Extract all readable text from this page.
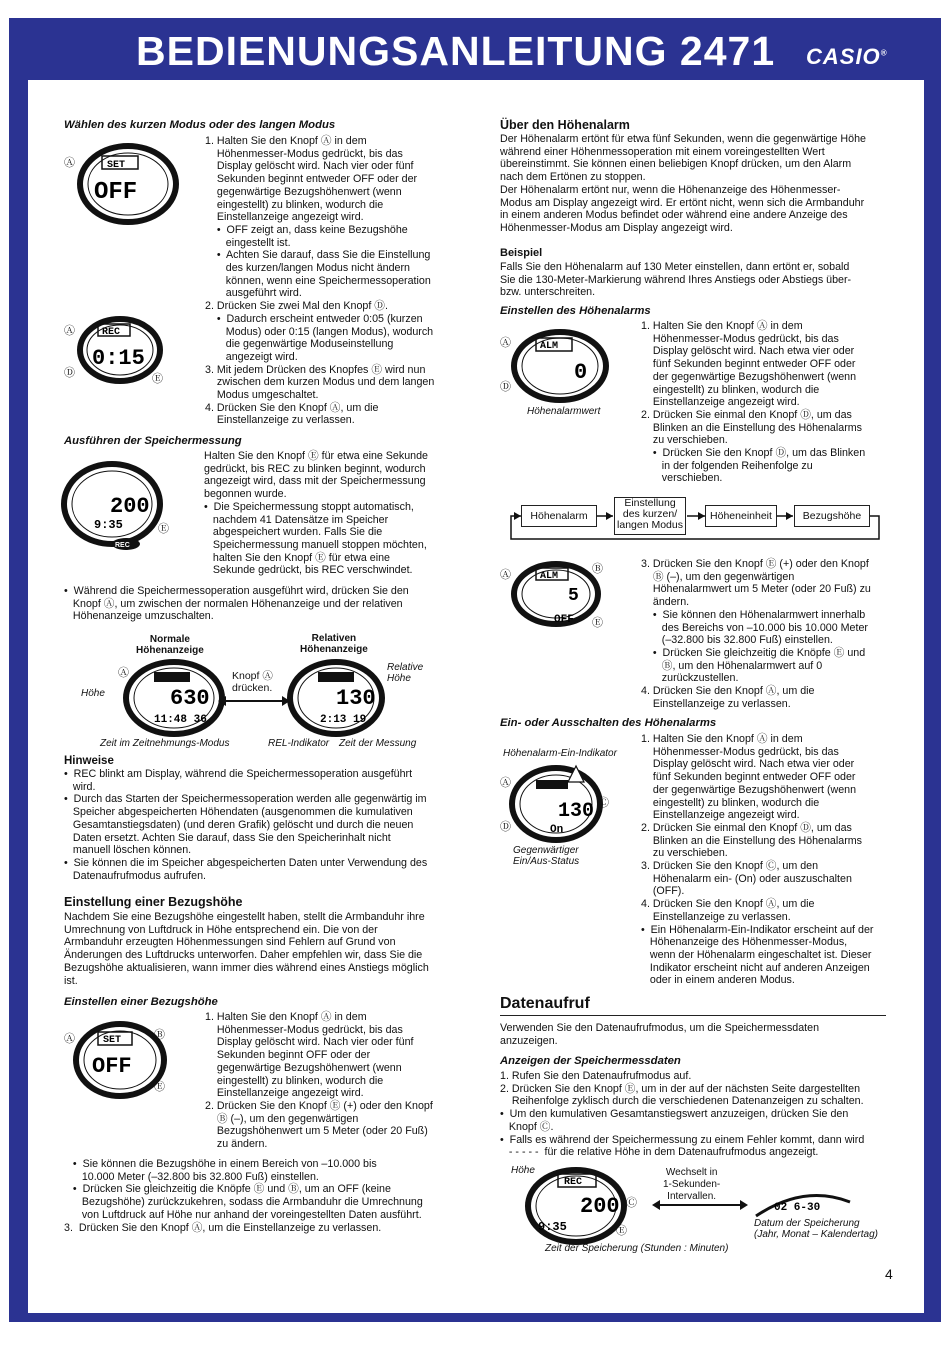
BEDIENUNGSANLEITUNG 2471 CASIO®
Wählen des kurzen Modus oder des langen Modus
1. Halten Sie den Knopf Ⓐ in dem
Höhenmesser-Modus gedrückt, bis das
Display gelöscht wird. Nach vier oder fünf
Sekunden beginnt entweder OFF oder der
gegenwärtige Bezugshöhenwert (wenn
eingestellt) zu blinken, wodurch die
Einstellanzeige angezeigt wird.
•  OFF zeigt an, dass keine Bezugshöhe
eingestellt ist.
•  Achten Sie darauf, dass Sie die Einstellung
des kurzen/langen Modus nicht ändern
können, wenn eine Speichermessoperation
ausgeführt wird.
2. Drücken Sie zwei Mal den Knopf Ⓓ.
•  Dadurch erscheint entweder 0:05 (kurzen
Modus) oder 0:15 (langen Modus), wodurch
die gegenwärtige Moduseinstellung
angezeigt wird.
3. Mit jedem Drücken des Knopfes Ⓔ wird nun
zwischen dem kurzen Modus und dem langen
Modus umgeschaltet.
4. Drücken Sie den Knopf Ⓐ, um die
Einstellanzeige zu verlassen.
Ⓐ	SET
OFF
Ⓐ
Ⓓ	Ⓔ
REC
0:15
Ausführen der Speichermessung
Halten Sie den Knopf Ⓔ für etwa eine Sekunde
gedrückt, bis REC zu blinken beginnt, wodurch
angezeigt wird, dass mit der Speichermessung
begonnen wurde.
•  Die Speichermessung stoppt automatisch,
nachdem 41 Datensätze im Speicher
abgespeichert wurden. Falls Sie die
Speichermessung manuell stoppen möchten,
halten Sie den Knopf Ⓔ für etwa eine
Sekunde gedrückt, bis REC verschwindet.
Ⓔ
200
9:35
REC
•  Während die Speichermessoperation ausgeführt wird, drücken Sie den
Knopf Ⓐ, um zwischen der normalen Höhenanzeige und der relativen
Höhenanzeige umzuschalten.
Normale
Höhenanzeige
Relativen
Höhenanzeige
Knopf Ⓐ
drücken.
Höhe
Relative
Höhe
Ⓐ
630
11:48 36
130
2:13 19
Zeit im Zeitnehmungs-Modus	REL-Indikator Zeit der Messung
Hinweise
•  REC blinkt am Display, während die Speichermessoperation ausgeführt
wird.
•  Durch das Starten der Speichermessoperation werden alle gegenwärtig im
Speicher abgespeicherten Höhendaten (ausgenommen die kumulativen
Gesamtanstiegsdaten) (und deren Grafik) gelöscht und durch die neuen
Daten ersetzt. Achten Sie darauf, dass Sie den Speicherinhalt nicht
manuell löschen können.
•  Sie können die im Speicher abgespeicherten Daten unter Verwendung des
Datenaufrufmodus aufrufen.
Einstellung einer Bezugshöhe
Nachdem Sie eine Bezugshöhe eingestellt haben, stellt die Armbanduhr ihre
Umrechnung von Luftdruck in Höhe entsprechend ein. Die von der
Armbanduhr erzeugten Höhenmessungen sind Fehlern auf Grund von
Änderungen des Luftdrucks unterworfen. Daher empfehlen wir, dass Sie die
Bezugshöhe aktualisieren, wann immer dies während eines Anstiegs möglich
ist.
Einstellen einer Bezugshöhe
1. Halten Sie den Knopf Ⓐ in dem
Höhenmesser-Modus gedrückt, bis das
Display gelöscht wird. Nach vier oder fünf
Sekunden beginnt OFF oder der
gegenwärtige Bezugshöhenwert (wenn
eingestellt) zu blinken, wodurch die
Einstellanzeige angezeigt wird.
2. Drücken Sie den Knopf Ⓔ (+) oder den Knopf
Ⓑ (–), um den gegenwärtigen
Bezugshöhenwert um 5 Meter (oder 20 Fuß)
zu ändern.
Ⓐ	Ⓑ
Ⓔ
SET
OFF
•  Sie können die Bezugshöhe in einem Bereich von –10.000 bis
10.000 Meter (–32.800 bis 32.800 Fuß) einstellen.
•  Drücken Sie gleichzeitig die Knöpfe Ⓔ und Ⓑ, um an OFF (keine
Bezugshöhe) zurückzukehren, sodass die Armbanduhr die Umrechnung
von Luftdruck auf Höhe nur anhand der voreingestellten Daten ausführt.
3.  Drücken Sie den Knopf Ⓐ, um die Einstellanzeige zu verlassen.
Über den Höhenalarm
Der Höhenalarm ertönt für etwa fünf Sekunden, wenn die gegenwärtige Höhe
während einer Höhenmessoperation mit einem voreingestellten Wert
übereinstimmt. Sie können einen beliebigen Knopf drücken, um den Alarm
nach dem Ertönen zu stoppen.
Der Höhenalarm ertönt nur, wenn die Höhenanzeige des Höhenmesser-
Modus am Display angezeigt wird. Er ertönt nicht, wenn sich die Armbanduhr
in einem anderen Modus befindet oder während eine andere Anzeige des
Höhenmesser-Modus am Display angezeigt wird.
Beispiel
Falls Sie den Höhenalarm auf 130 Meter einstellen, dann ertönt er, sobald
Sie die 130-Meter-Markierung während Ihres Anstiegs oder Abstiegs über-
bzw. unterschreiten.
Einstellen des Höhenalarms
1. Halten Sie den Knopf Ⓐ in dem
Höhenmesser-Modus gedrückt, bis das
Display gelöscht wird. Nach etwa vier oder
fünf Sekunden beginnt entweder OFF oder
der gegenwärtige Bezugshöhenwert (wenn
eingestellt) zu blinken, wodurch die
Einstellanzeige angezeigt wird.
2. Drücken Sie einmal den Knopf Ⓓ, um das
Blinken an die Einstellung des Höhenalarms
zu verschieben.
•  Drücken Sie den Knopf Ⓓ, um das Blinken
in der folgenden Reihenfolge zu
verschieben.
Ⓐ
Ⓓ
ALM
0
Höhenalarmwert
Höhenalarm
Einstellung
des kurzen/
langen Modus
Höheneinheit	Bezugshöhe
3. Drücken Sie den Knopf Ⓔ (+) oder den Knopf
Ⓑ (–), um den gegenwärtigen
Höhenalarmwert um 5 Meter (oder 20 Fuß) zu
ändern.
•  Sie können den Höhenalarmwert innerhalb
des Bereichs von –10.000 bis 10.000 Meter
(–32.800 bis 32.800 Fuß) einstellen.
•  Drücken Sie gleichzeitig die Knöpfe Ⓔ und
Ⓑ, um den Höhenalarmwert auf 0
zurückzustellen.
4. Drücken Sie den Knopf Ⓐ, um die
Einstellanzeige zu verlassen.
Ⓐ	Ⓑ
Ⓔ
ALM
5
OFF
Ein- oder Ausschalten des Höhenalarms
Höhenalarm-Ein-Indikator
1. Halten Sie den Knopf Ⓐ in dem
Höhenmesser-Modus gedrückt, bis das
Display gelöscht wird. Nach etwa vier oder
fünf Sekunden beginnt entweder OFF oder
der gegenwärtige Bezugshöhenwert (wenn
eingestellt) zu blinken, wodurch die
Einstellanzeige angezeigt wird.
2. Drücken Sie einmal den Knopf Ⓓ, um das
Blinken an die Einstellung des Höhenalarms
zu verschieben.
3. Drücken Sie den Knopf Ⓒ, um den
Höhenalarm ein- (On) oder auszuschalten
(OFF).
4. Drücken Sie den Knopf Ⓐ, um die
Einstellanzeige zu verlassen.
•  Ein Höhenalarm-Ein-Indikator erscheint auf der
Höhenanzeige des Höhenmesser-Modus,
wenn der Höhenalarm eingeschaltet ist. Dieser
Indikator erscheint nicht auf anderen Anzeigen
oder in einem anderen Modus.
Ⓐ
Ⓓ
Ⓒ
130
On
Gegenwärtiger
Ein/Aus-Status
Datenaufruf
Verwenden Sie den Datenaufrufmodus, um die Speichermessdaten
anzuzeigen.
Anzeigen der Speichermessdaten
1. Rufen Sie den Datenaufrufmodus auf.
2. Drücken Sie den Knopf Ⓔ, um in der auf der nächsten Seite dargestellten
Reihenfolge zyklisch durch die verschiedenen Datenanzeigen zu schalten.
•  Um den kumulativen Gesamtanstiegswert anzuzeigen, drücken Sie den
Knopf Ⓒ.
•  Falls es während der Speichermessung zu einem Fehler kommt, dann wird
- - - - -  für die relative Höhe in dem Datenaufrufmodus angezeigt.
Höhe
Ⓒ
Ⓔ
REC
200
9:35
Wechselt in
1-Sekunden-
Intervallen.
02 6-30
Datum der Speicherung
(Jahr, Monat – Kalendertag)
Zeit der Speicherung (Stunden : Minuten)
4
